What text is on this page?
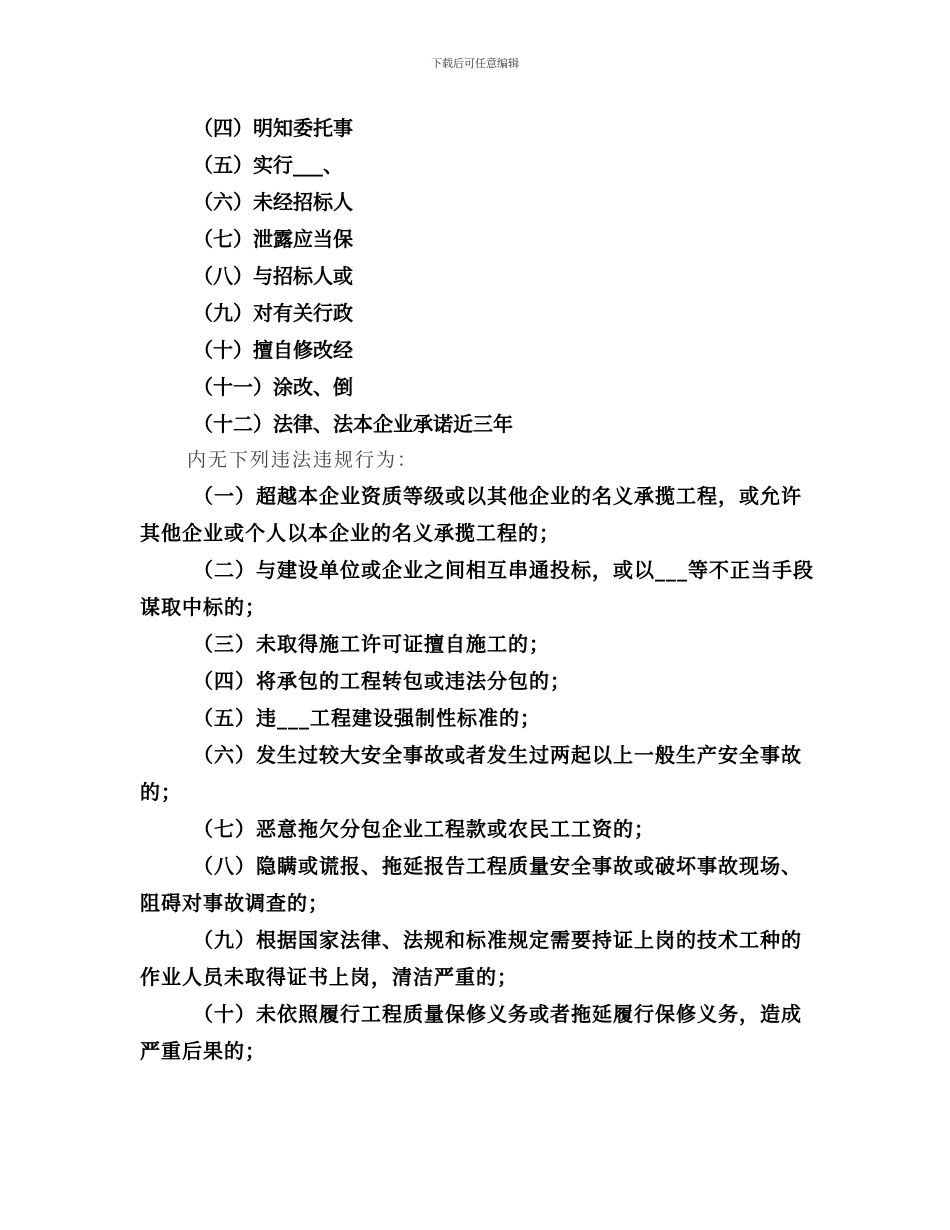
下载后可任意编辑
（四）明知委托事
（五）实行___、
（六）未经招标人
（七）泄露应当保
（八）与招标人或
（九）对有关行政
（十）擅自修改经
（十一）涂改、倒
（十二）法律、法本企业承诺近三年
内无下列违法违规行为：

（一）超越本企业资质等级或以其他企业的名义承揽工程，或允许其他企业或个人以本企业的名义承揽工程的；

（二）与建设单位或企业之间相互串通投标，或以___等不正当手段谋取中标的；

（三）未取得施工许可证擅自施工的；

（四）将承包的工程转包或违法分包的；

（五）违___工程建设强制性标准的；

（六）发生过较大安全事故或者发生过两起以上一般生产安全事故的；

（七）恶意拖欠分包企业工程款或农民工工资的；

（八）隐瞒或谎报、拖延报告工程质量安全事故或破坏事故现场、阻碍对事故调查的；

（九）根据国家法律、法规和标准规定需要持证上岗的技术工种的作业人员未取得证书上岗，清洁严重的；

（十）未依照履行工程质量保修义务或者拖延履行保修义务，造成严重后果的；
